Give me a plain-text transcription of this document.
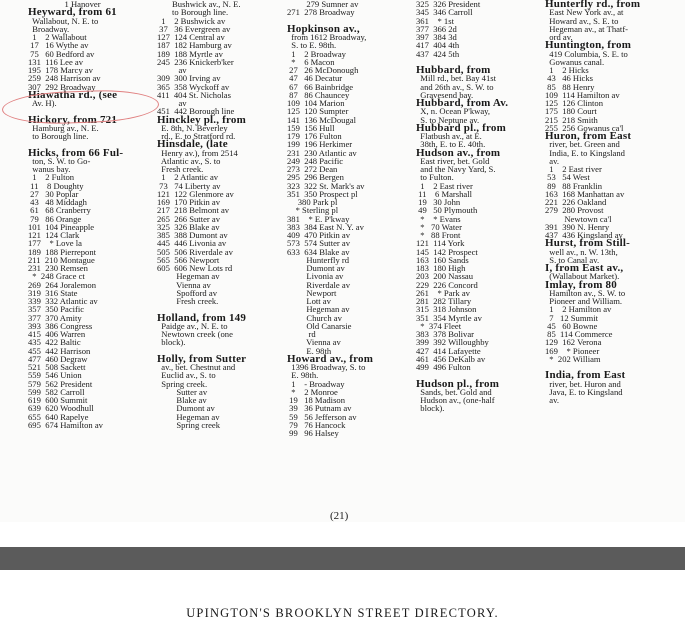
1 Hanover
Heyward, from 61
Wallabout, N. E. to
Broadway.
1    2 Wallabout
17   16 Wythe av
75   60 Bedford av
131  116 Lee av
195  178 Marcy av
259  248 Harrison av
307  292 Broadway
Hiawatha rd., (see
Av. H).
Hickory, from 721
Hamburg av., N. E.
to Borough line.
Hicks, from 66 Ful-
ton, S. W. to Go-
wanus bay.
1    2 Fulton
11    8 Doughty
27   30 Poplar
43   48 Middagh
61   68 Cranberry
79   86 Orange
101  104 Pineapple
121  124 Clark
177    * Love la
189  188 Pierrepont
211  210 Montague
231  230 Remsen
*  248 Grace ct
269  264 Joralemon
319  316 State
339  332 Atlantic av
357  350 Pacific
377  370 Amity
393  386 Congress
415  406 Warren
435  422 Baltic
455  442 Harrison
477  460 Degraw
521  508 Sackett
559  546 Union
579  562 President
599  582 Carroll
619  600 Summit
639  620 Woodhull
655  640 Rapelye
695  674 Hamilton av
Bushwick av., N. E.
to Borough line.
1    2 Bushwick av
37   36 Evergreen av
127  124 Central av
187  182 Hamburg av
189  188 Myrtle av
245  236 Knickerb'ker
av
309  300 Irving av
365  358 Wyckoff av
411  404 St. Nicholas
av
451  442 Borough line
Hinckley pl., from
E. 8th, N. Beverley
rd., E. to Stratford rd.
Hinsdale, (late
Henry av.), from 2514
Atlantic av., S. to
Fresh creek.
1    2 Atlantic av
73   74 Liberty av
121  122 Glenmore av
169  170 Pitkin av
217  218 Belmont av
265  266 Sutter av
325  326 Blake av
385  388 Dumont av
445  446 Livonia av
505  506 Riverdale av
565  566 Newport
605  606 New Lots rd
Hegeman av
Vienna av
Spofford av
Fresh creek.
Holland, from 149
Paidge av., N. E. to
Newtown creek (one
block).
Holly, from Sutter
av., bet. Chestnut and
Euclid av., S. to
Spring creek.
Sutter av
Blake av
Dumont av
Hegeman av
Spring creek
279 Sumner av
271  278 Broadway
Hopkinson av.,
from 1612 Broadway,
S. to E. 98th.
1    2 Broadway
*    6 Macon
27   26 McDonough
47   46 Decatur
67   66 Bainbridge
87   86 Chauncey
109  104 Marion
125  120 Sumpter
141  136 McDougal
159  156 Hull
179  176 Fulton
199  196 Herkimer
231  230 Atlantic av
249  248 Pacific
273  272 Dean
295  296 Bergen
323  322 St. Mark's av
351  350 Prospect pl
380 Park pl
* Sterling pl
381    * E. P'kway
383  384 East N. Y. av
409  470 Pitkin av
573  574 Sutter av
633  634 Blake av
Hunterfly rd
Dumont av
Livonia av
Riverdale av
Newport
Lott av
Hegeman av
Church av
Old Canarsie
rd
Vienna av
E. 98th
Howard av., from
1396 Broadway, S. to
E. 98th.
1    - Broadway
*    2 Monroe
19   18 Madison
39   36 Putnam av
59   56 Jefferson av
79   76 Hancock
99   96 Halsey
325  326 President
345  346 Carroll
361    * 1st
377  366 2d
397  384 3d
417  404 4th
437  424 5th
Hubbard, from
Mill rd., bet. Bay 41st
and 26th av., S. W. to
Gravesend bay.
Hubbard, from Av.
X, n. Ocean P'kway,
S. to Neptune av.
Hubbard pl., from
Flatbush av., at E.
38th, E. to E. 40th.
Hudson av., from
East river, bet. Gold
and the Navy Yard, S.
to Fulton.
1    2 East river
11    6 Marshall
19   30 John
49   50 Plymouth
*    * Evans
*   70 Water
*   88 Front
121  114 York
145  142 Prospect
163  160 Sands
183  180 High
203  200 Nassau
229  226 Concord
261    * Park av
281  282 Tillary
315  318 Johnson
351  354 Myrtle av
*  374 Fleet
383  378 Bolivar
399  392 Willoughby
427  414 Lafayette
461  456 DeKalb av
499  496 Fulton
Hudson pl., from
Sands, bet. Gold and
Hudson av., (one-half
block).
Hunterfly rd., from
East New York av., at
Howard av., S. E. to
Hegeman av., at Thatf-
ord av.
Huntington, from
419 Columbia, S. E. to
Gowanus canal.
1    2 Hicks
43   46 Hicks
85   88 Henry
109  114 Hamilton av
125  126 Clinton
175  180 Court
215  218 Smith
255  256 Gowanus ca'l
Huron, from East
river, bet. Green and
India, E. to Kingsland
av.
1    2 East river
53   54 West
89   88 Franklin
163  168 Manhattan av
221  226 Oakland
279  280 Provost
Newtown ca'l
391  390 N. Henry
437  436 Kingsland av
Hurst, from Still-
well av., n. W. 13th,
S. to Canal av.
I, from East av.,
(Wallabout Market).
Imlay, from 80
Hamilton av., S. W. to
Pioneer and William.
1    2 Hamilton av
7   12 Summit
45   60 Bowne
85  114 Commerce
129  162 Verona
169    * Pioneer
*  202 William
India, from East
river, bet. Huron and
Java, E. to Kingsland
av.
(21)
UPINGTON'S BROOKLYN STREET DIRECTORY.
